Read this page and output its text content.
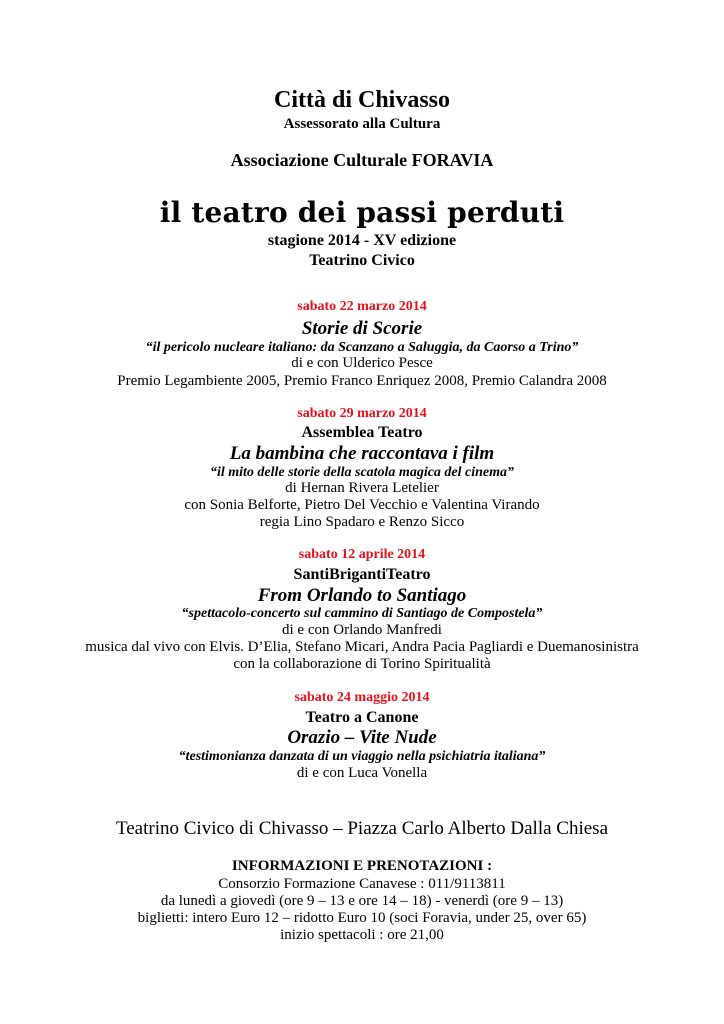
Città di Chivasso
Assessorato alla Cultura
Associazione Culturale FORAVIA
il teatro dei passi perduti
stagione 2014 - XV edizione
Teatrino Civico
sabato 22 marzo 2014
Storie di Scorie
“il pericolo nucleare italiano: da Scanzano a Saluggia, da Caorso a Trino”
di e con Ulderico Pesce
Premio Legambiente 2005, Premio Franco Enriquez 2008, Premio Calandra 2008
sabato 29 marzo 2014
Assemblea Teatro
La bambina che raccontava i film
“il mito delle storie della scatola magica del cinema”
di Hernan Rivera Letelier
con Sonia Belforte, Pietro Del Vecchio e Valentina Virando
regia Lino Spadaro e Renzo Sicco
sabato 12 aprile 2014
SantiBrigantiTeatro
From Orlando to Santiago
“spettacolo-concerto sul cammino di Santiago de Compostela”
di e con Orlando Manfredi
musica dal vivo con Elvis. D’Elia, Stefano Micari, Andra Pacia Pagliardi e Duemanosinistra
con la collaborazione di Torino Spiritualità
sabato 24 maggio 2014
Teatro a Canone
Orazio – Vite Nude
“testimonianza danzata di un viaggio nella psichiatria italiana”
di e con Luca Vonella
Teatrino Civico di Chivasso – Piazza Carlo Alberto Dalla Chiesa
INFORMAZIONI E PRENOTAZIONI :
Consorzio Formazione Canavese : 011/9113811
da lunedì a giovedì (ore 9 – 13 e ore 14 – 18) - venerdì (ore 9 – 13)
biglietti: intero Euro 12 – ridotto Euro 10 (soci Foravia, under 25, over 65)
inizio spettacoli : ore 21,00
